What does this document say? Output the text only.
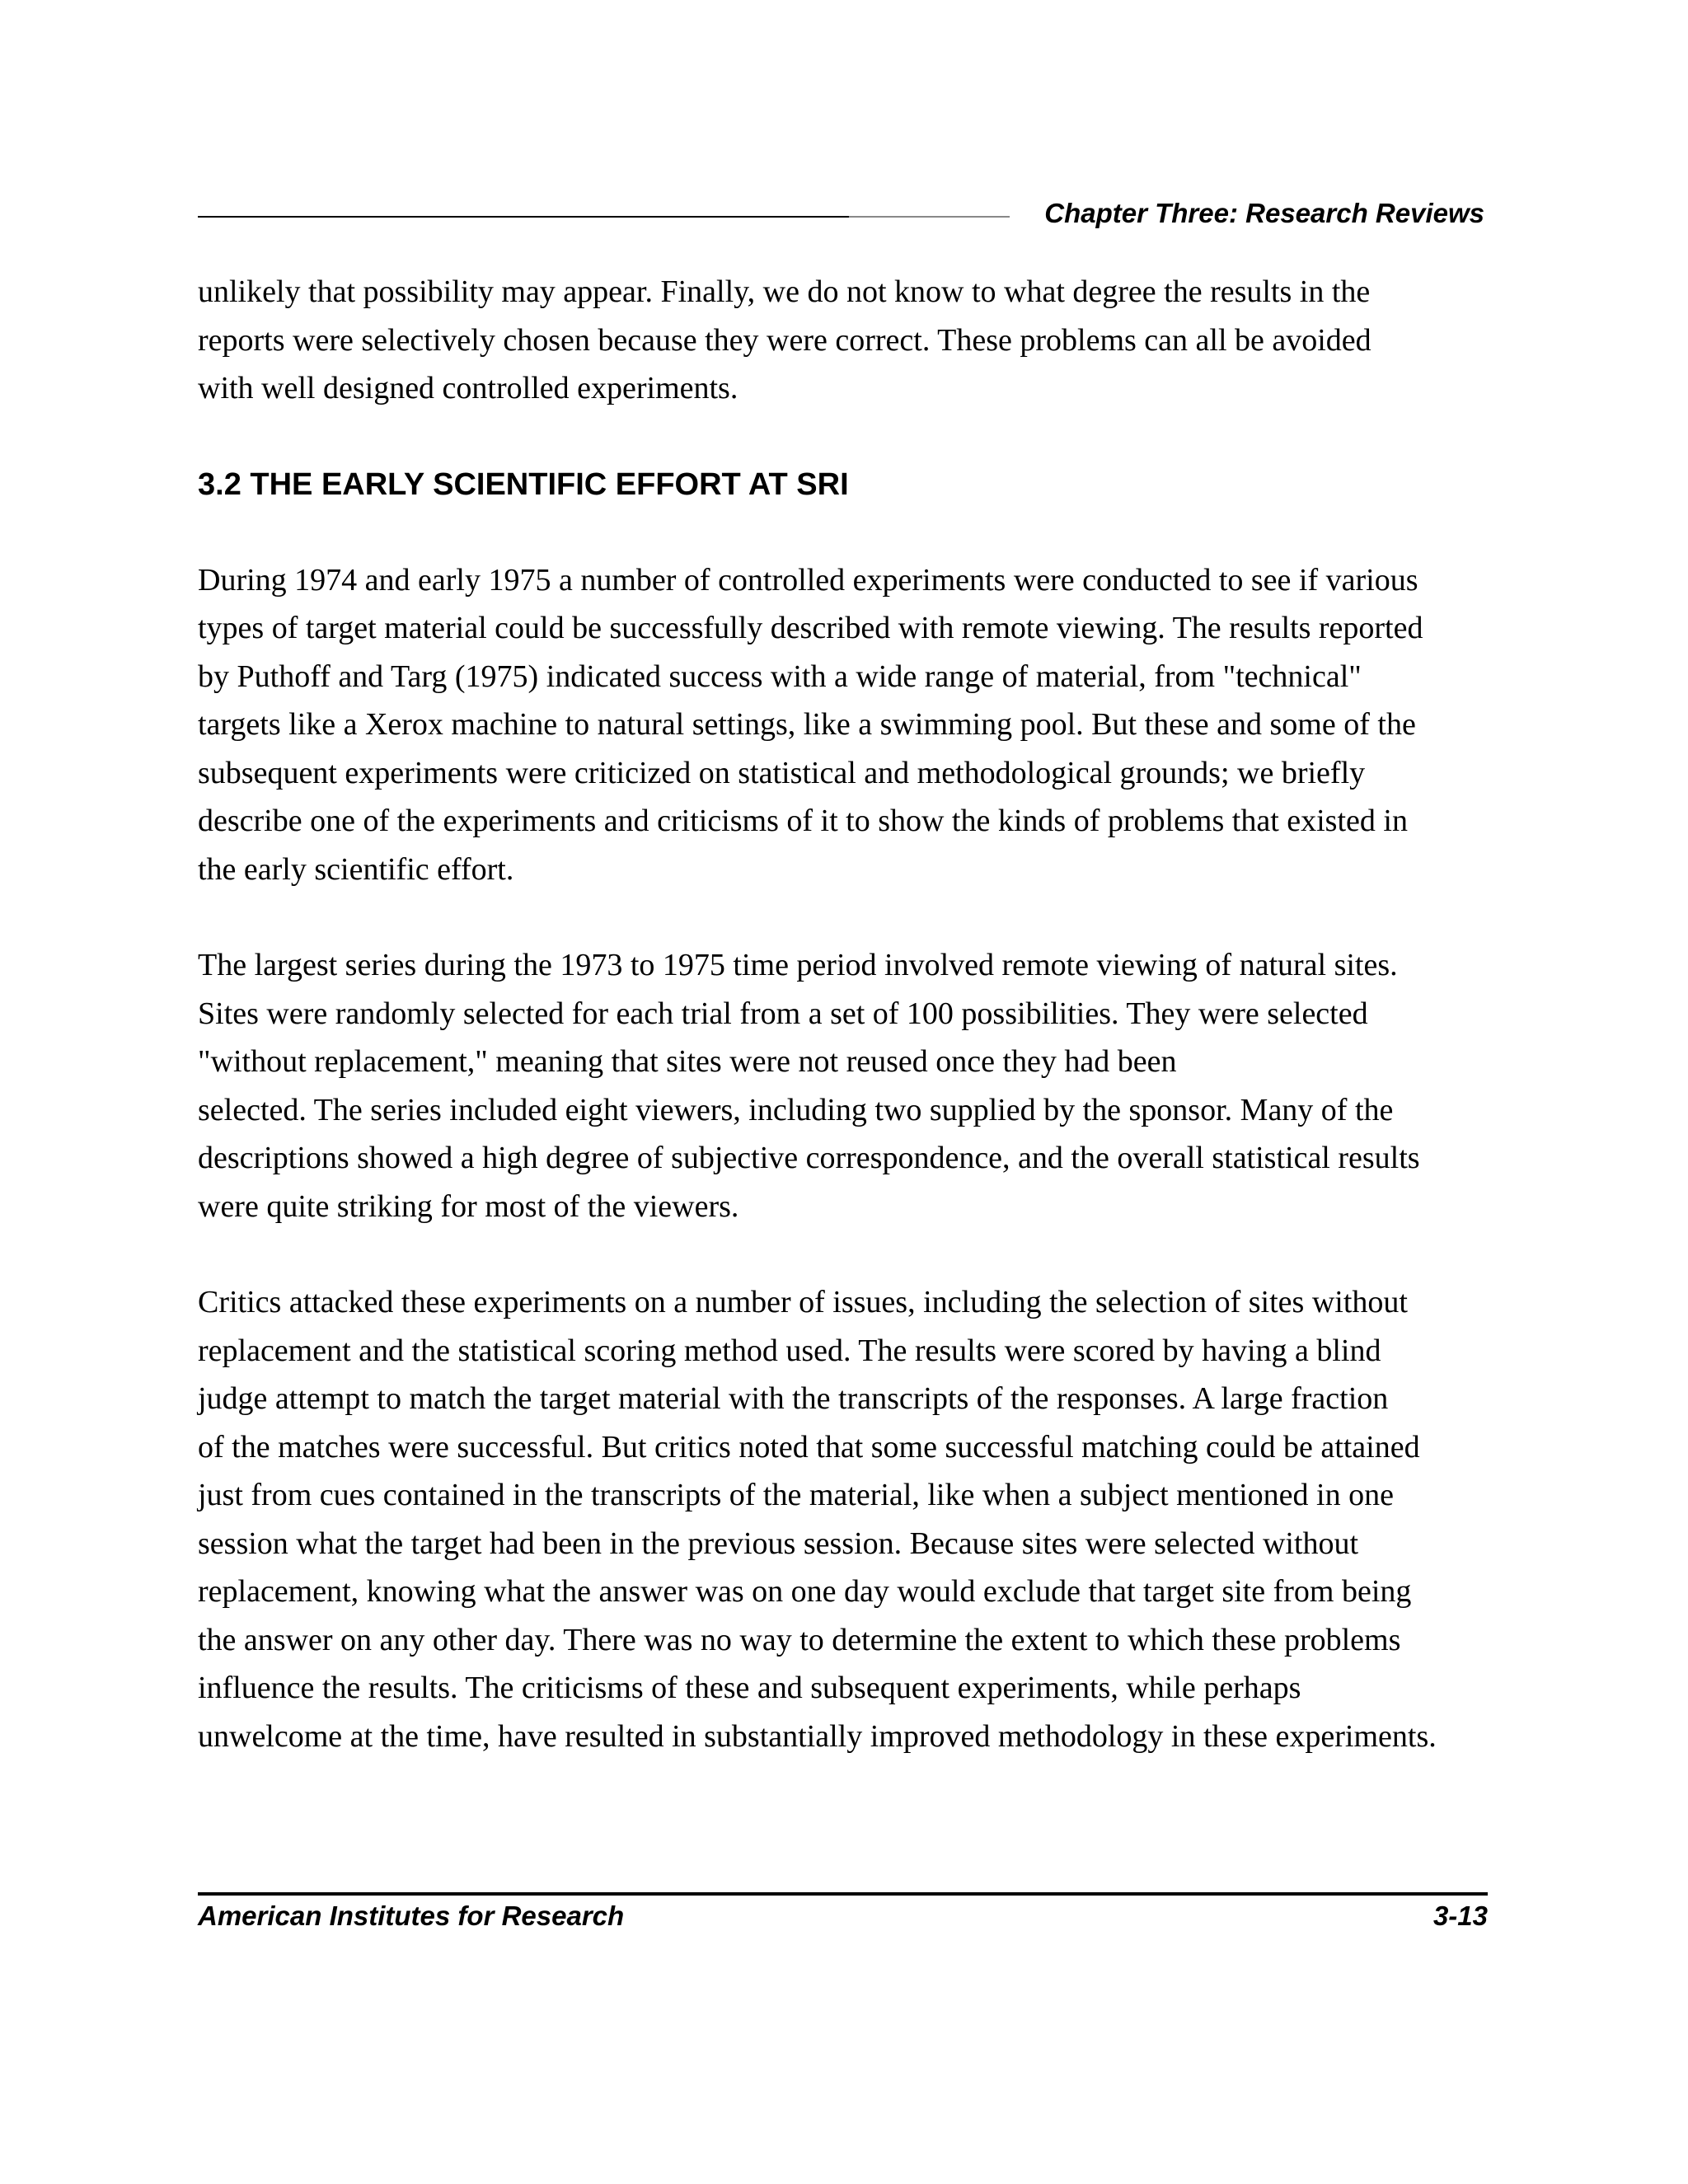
Chapter Three: Research Reviews

unlikely that possibility may appear. Finally, we do not know to what degree the results in the
reports were selectively chosen because they were correct. These problems can all be avoided
with well designed controlled experiments.

3.2 THE EARLY SCIENTIFIC EFFORT AT SRI

During 1974 and early 1975 a number of controlled experiments were conducted to see if various
types of target material could be successfully described with remote viewing. The results reported
by Puthoff and Targ (1975) indicated success with a wide range of material, from "technical"
targets like a Xerox machine to natural settings, like a swimming pool. But these and some of the
subsequent experiments were criticized on statistical and methodological grounds; we briefly
describe one of the experiments and criticisms of it to show the kinds of problems that existed in
the early scientific effort.

The largest series during the 1973 to 1975 time period involved remote viewing of natural sites.
Sites were randomly selected for each trial from a set of 100 possibilities. They were selected
"without replacement," meaning that sites were not reused once they had been
selected. The series included eight viewers, including two supplied by the sponsor. Many of the
descriptions showed a high degree of subjective correspondence, and the overall statistical results
were quite striking for most of the viewers.

Critics attacked these experiments on a number of issues, including the selection of sites without
replacement and the statistical scoring method used. The results were scored by having a blind
judge attempt to match the target material with the transcripts of the responses. A large fraction
of the matches were successful. But critics noted that some successful matching could be attained
just from cues contained in the transcripts of the material, like when a subject mentioned in one
session what the target had been in the previous session. Because sites were selected without
replacement, knowing what the answer was on one day would exclude that target site from being
the answer on any other day. There was no way to determine the extent to which these problems
influence the results. The criticisms of these and subsequent experiments, while perhaps
unwelcome at the time, have resulted in substantially improved methodology in these experiments.

American Institutes for Research	3-13
